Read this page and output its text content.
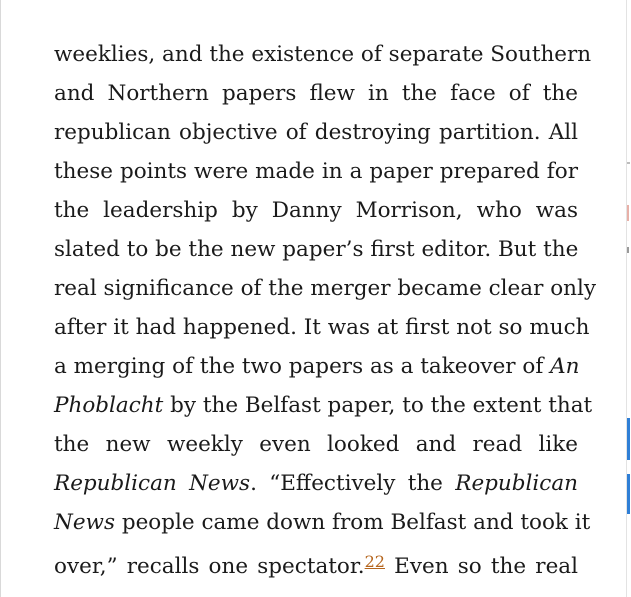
weeklies, and the existence of separate Southern
and Northern papers flew in the face of the
republican objective of destroying partition. All
these points were made in a paper prepared for
the leadership by Danny Morrison, who was
slated to be the new paper’s first editor. But the
real significance of the merger became clear only
after it had happened. It was at first not so much
a merging of the two papers as a takeover of An
Phoblacht by the Belfast paper, to the extent that
the new weekly even looked and read like
Republican News. “Effectively the Republican
News people came down from Belfast and took it
over,” recalls one spectator.$^{22}$ Even so the real
